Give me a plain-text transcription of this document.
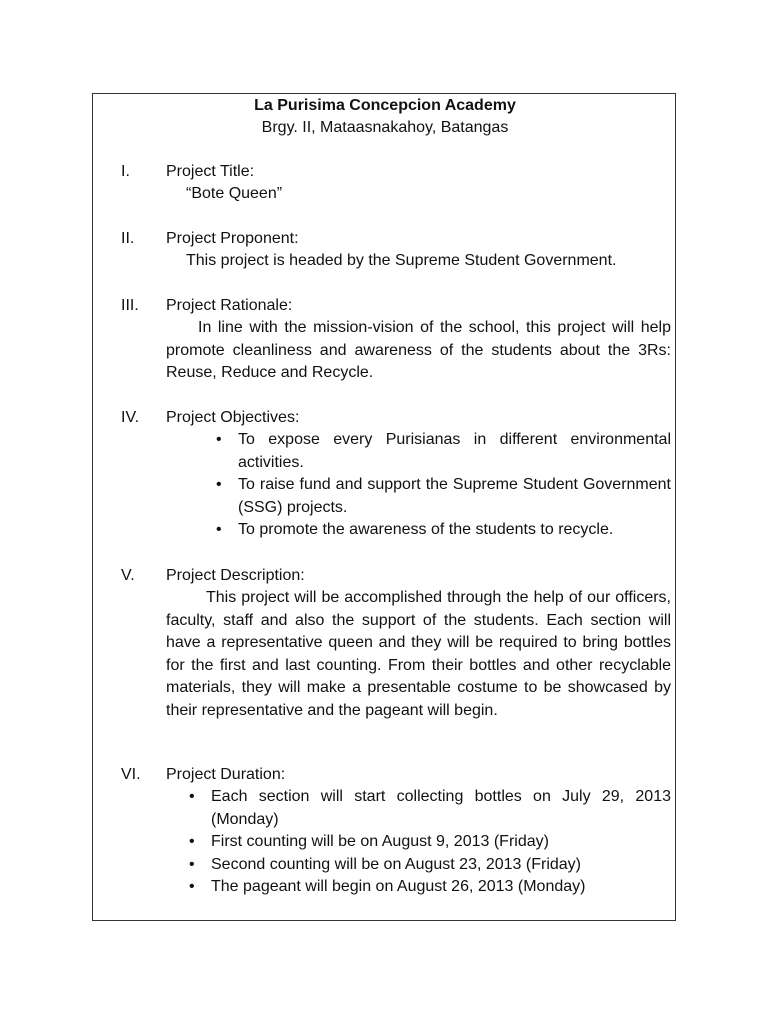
La Purisima Concepcion Academy
Brgy. II, Mataasnakahoy, Batangas
I. Project Title:
“Bote Queen”
II. Project Proponent:
This project is headed by the Supreme Student Government.
III. Project Rationale:

In line with the mission-vision of the school, this project will help promote cleanliness and awareness of the students about the 3Rs: Reuse, Reduce and Recycle.

IV. Project Objectives:
• To expose every Purisianas in different environmental activities.
• To raise fund and support the Supreme Student Government (SSG) projects.
• To promote the awareness of the students to recycle.
V. Project Description:

This project will be accomplished through the help of our officers, faculty, staff and also the support of the students. Each section will have a representative queen and they will be required to bring bottles for the first and last counting. From their bottles and other recyclable materials, they will make a presentable costume to be showcased by their representative and the pageant will begin.

VI. Project Duration:
• Each section will start collecting bottles on July 29, 2013 (Monday)
• First counting will be on August 9, 2013 (Friday)
• Second counting will be on August 23, 2013 (Friday)
• The pageant will begin on August 26, 2013 (Monday)
